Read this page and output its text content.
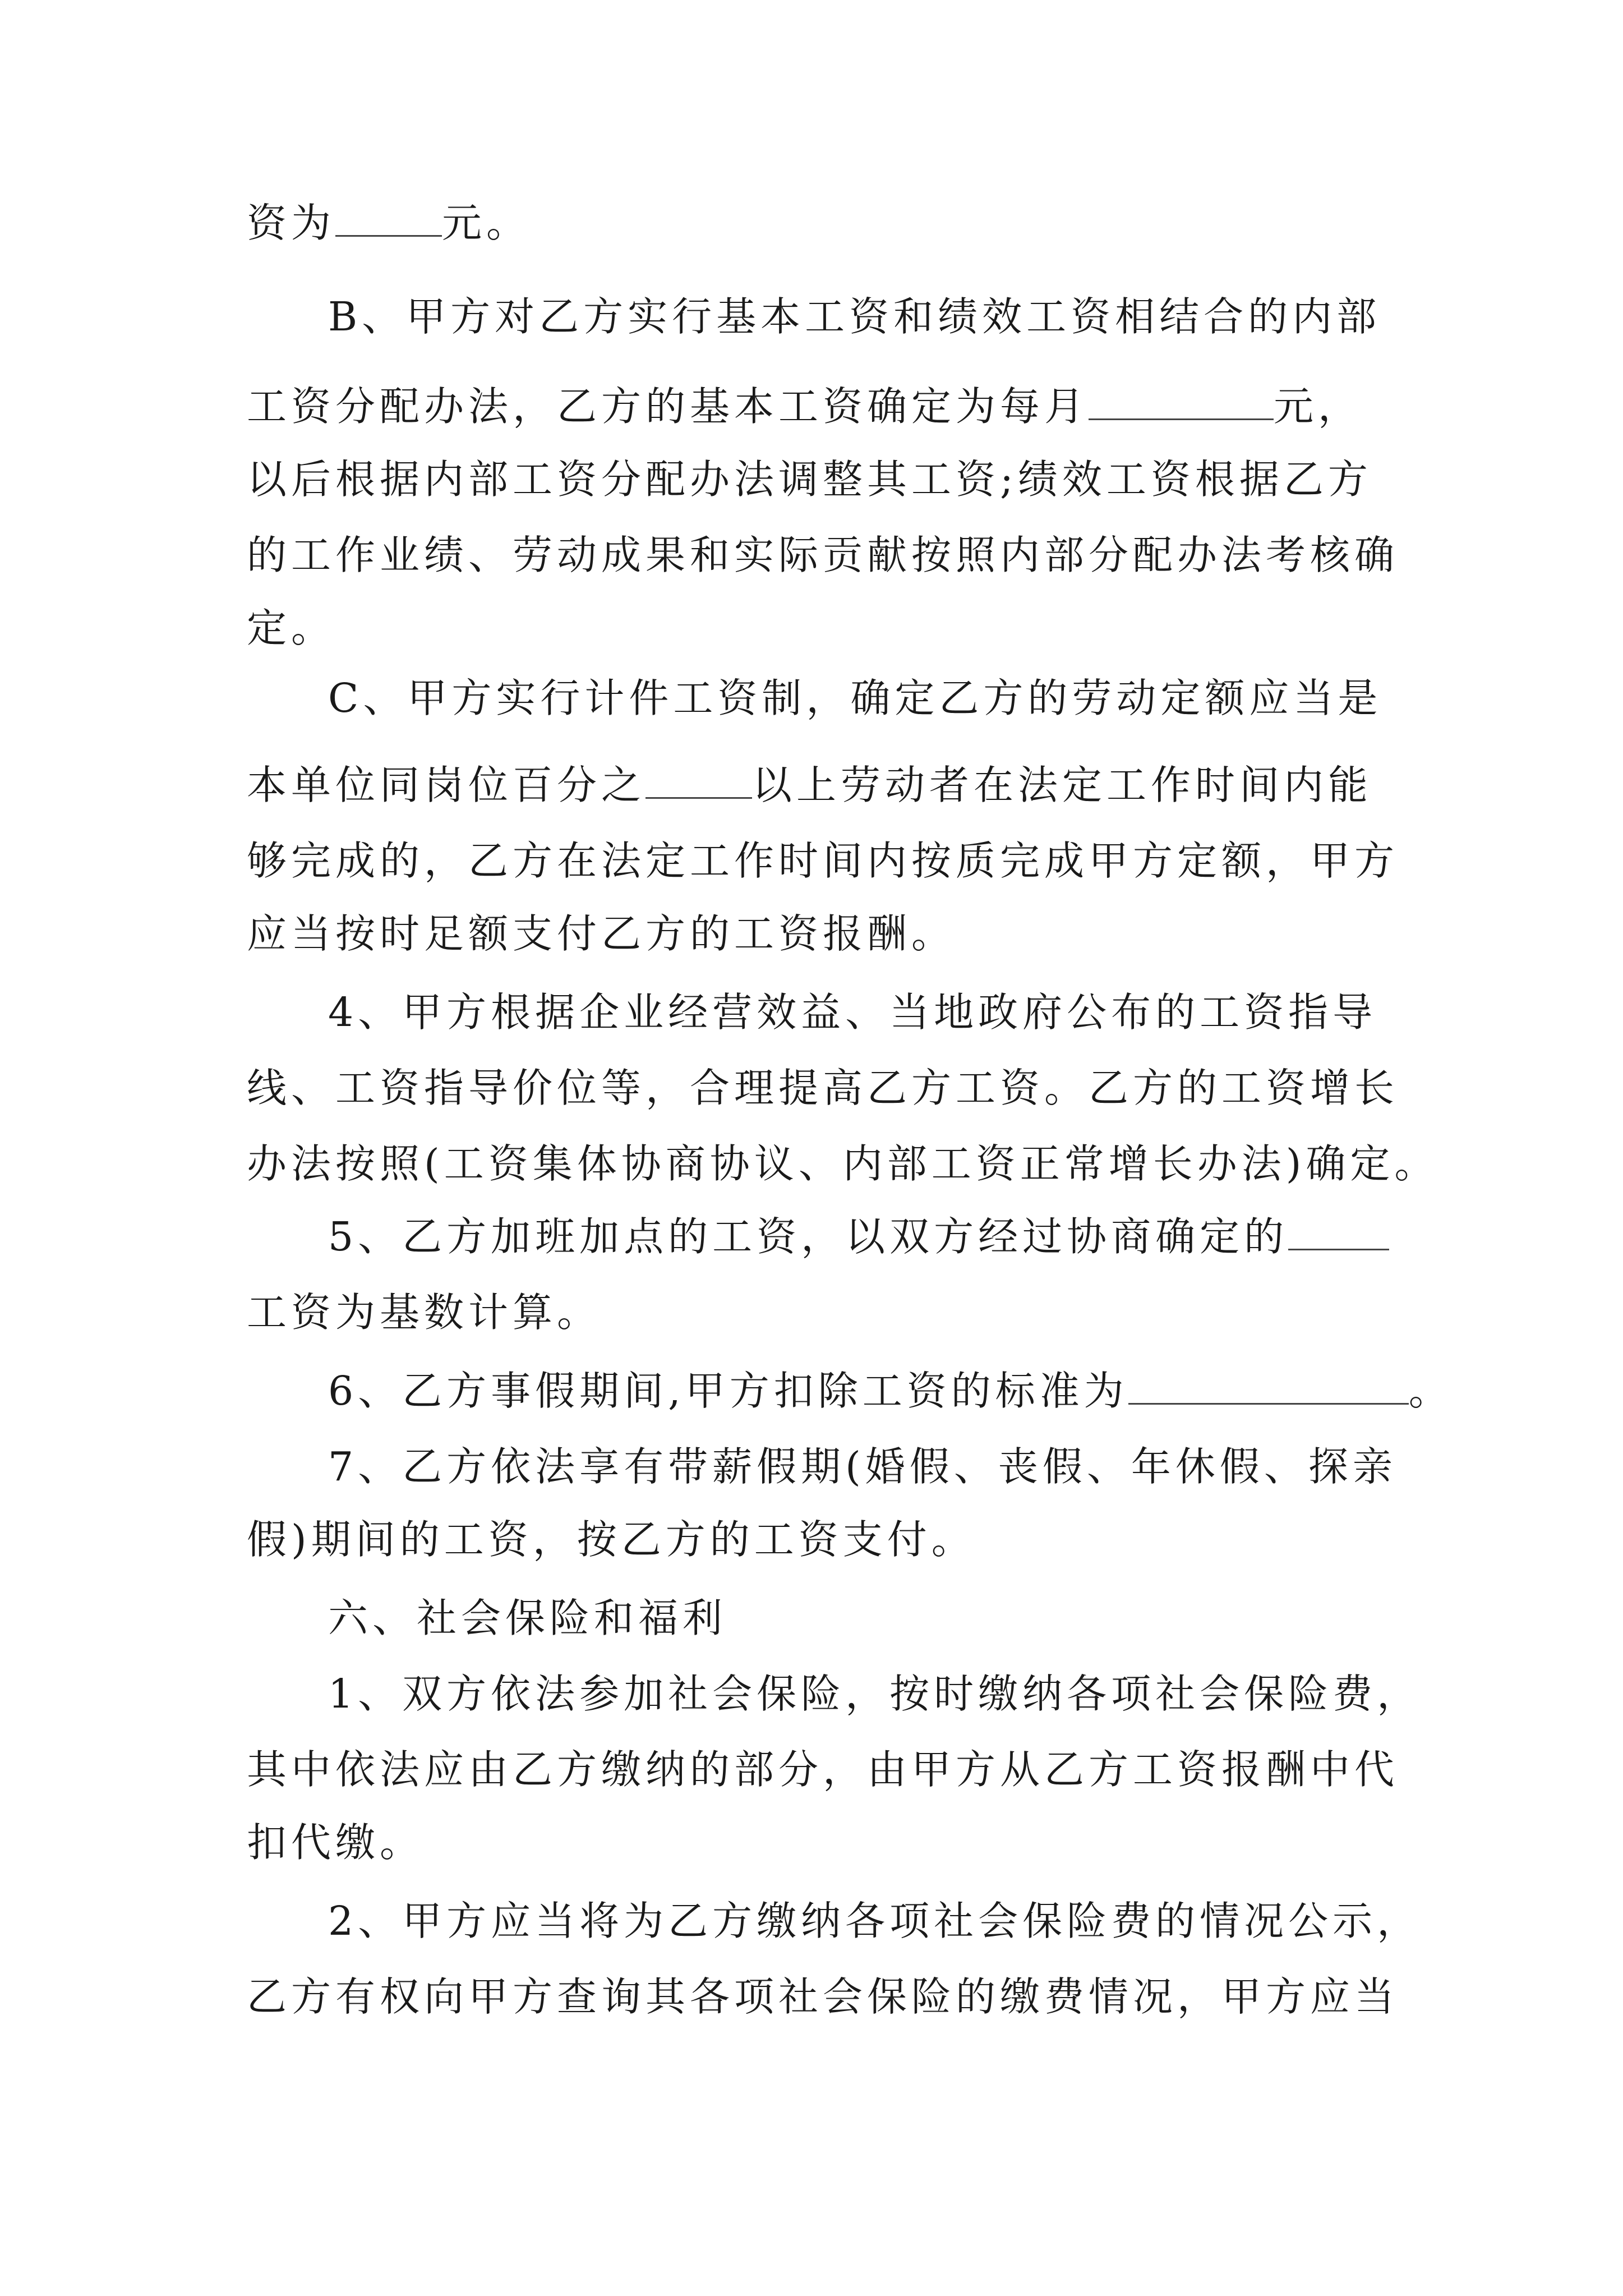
资为	元。
B、甲方对乙方实行基本工资和绩效工资相结合的内部
工资分配办法，乙方的基本工资确定为每月	元，
以后根据内部工资分配办法调整其工资;绩效工资根据乙方
的工作业绩、劳动成果和实际贡献按照内部分配办法考核确
定。
C、甲方实行计件工资制，确定乙方的劳动定额应当是
本单位同岗位百分之	以上劳动者在法定工作时间内能
够完成的，乙方在法定工作时间内按质完成甲方定额，甲方
应当按时足额支付乙方的工资报酬。
4、甲方根据企业经营效益、当地政府公布的工资指导
线、工资指导价位等，合理提高乙方工资。乙方的工资增长
办法按照(工资集体协商协议、内部工资正常增长办法)确定。
5、乙方加班加点的工资，以双方经过协商确定的
工资为基数计算。
6、乙方事假期间,甲方扣除工资的标准为	。
7、乙方依法享有带薪假期(婚假、丧假、年休假、探亲
假)期间的工资，按乙方的工资支付。
六、社会保险和福利
1、双方依法参加社会保险，按时缴纳各项社会保险费，
其中依法应由乙方缴纳的部分，由甲方从乙方工资报酬中代
扣代缴。
2、甲方应当将为乙方缴纳各项社会保险费的情况公示，
乙方有权向甲方查询其各项社会保险的缴费情况，甲方应当
